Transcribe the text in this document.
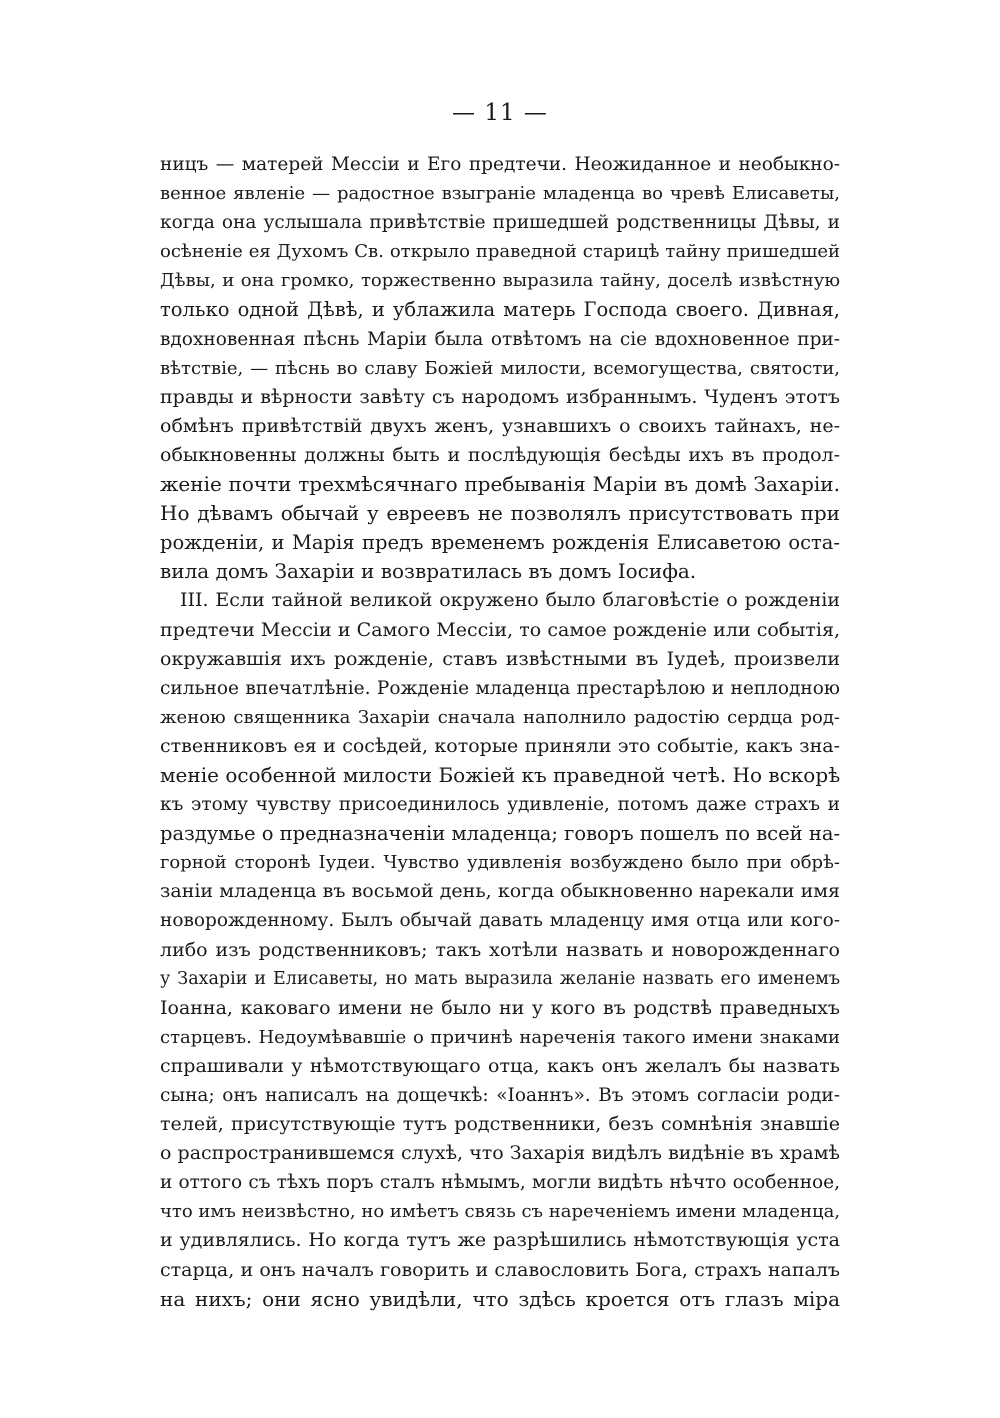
— 11 —
ницъ — матерей Мессіи и Его предтечи. Неожиданное и необыкно-
венное явленіе — радостное взыграніе младенца во чревѣ Елисаветы,
когда она услышала привѣтствіе пришедшей родственницы Дѣвы, и
осѣненіе ея Духомъ Св. открыло праведной старицѣ тайну пришедшей
Дѣвы, и она громко, торжественно выразила тайну, доселѣ извѣстную
только одной Дѣвѣ, и ублажила матерь Господа своего. Дивная,
вдохновенная пѣснь Маріи была отвѣтомъ на сіе вдохновенное при-
вѣтствіе, — пѣснь во славу Божіей милости, всемогущества, святости,
правды и вѣрности завѣту съ народомъ избраннымъ. Чуденъ этотъ
обмѣнъ привѣтствій двухъ женъ, узнавшихъ о своихъ тайнахъ, не-
обыкновенны должны быть и послѣдующія бесѣды ихъ въ продол-
женіе почти трехмѣсячнаго пребыванія Маріи въ домѣ Захаріи.
Но дѣвамъ обычай у евреевъ не позволялъ присутствовать при
рожденіи, и Марія предъ временемъ рожденія Елисаветою оста-
вила домъ Захаріи и возвратилась въ домъ Іосифа.
III. Если тайной великой окружено было благовѣстіе о рожденіи
предтечи Мессіи и Самого Мессіи, то самое рожденіе или событія,
окружавшія ихъ рожденіе, ставъ извѣстными въ Іудеѣ, произвели
сильное впечатлѣніе. Рожденіе младенца престарѣлою и неплодною
женою священника Захаріи сначала наполнило радостію сердца род-
ственниковъ ея и сосѣдей, которые приняли это событіе, какъ зна-
меніе особенной милости Божіей къ праведной четѣ. Но вскорѣ
къ этому чувству присоединилось удивленіе, потомъ даже страхъ и
раздумье о предназначеніи младенца; говоръ пошелъ по всей на-
горной сторонѣ Іудеи. Чувство удивленія возбуждено было при обрѣ-
заніи младенца въ восьмой день, когда обыкновенно нарекали имя
новорожденному. Былъ обычай давать младенцу имя отца или кого-
либо изъ родственниковъ; такъ хотѣли назвать и новорожденнаго
у Захаріи и Елисаветы, но мать выразила желаніе назвать его именемъ
Іоанна, каковаго имени не было ни у кого въ родствѣ праведныхъ
старцевъ. Недоумѣвавшіе о причинѣ нареченія такого имени знаками
спрашивали у нѣмотствующаго отца, какъ онъ желалъ бы назвать
сына; онъ написалъ на дощечкѣ: «Іоаннъ». Въ этомъ согласіи роди-
телей, присутствующіе тутъ родственники, безъ сомнѣнія знавшіе
о распространившемся слухѣ, что Захарія видѣлъ видѣніе въ храмѣ
и оттого съ тѣхъ поръ сталъ нѣмымъ, могли видѣть нѣчто особенное,
что имъ неизвѣстно, но имѣетъ связь съ нареченіемъ имени младенца,
и удивлялись. Но когда тутъ же разрѣшились нѣмотствующія уста
старца, и онъ началъ говорить и славословить Бога, страхъ напалъ
на нихъ; они ясно увидѣли, что здѣсь кроется отъ глазъ міра
